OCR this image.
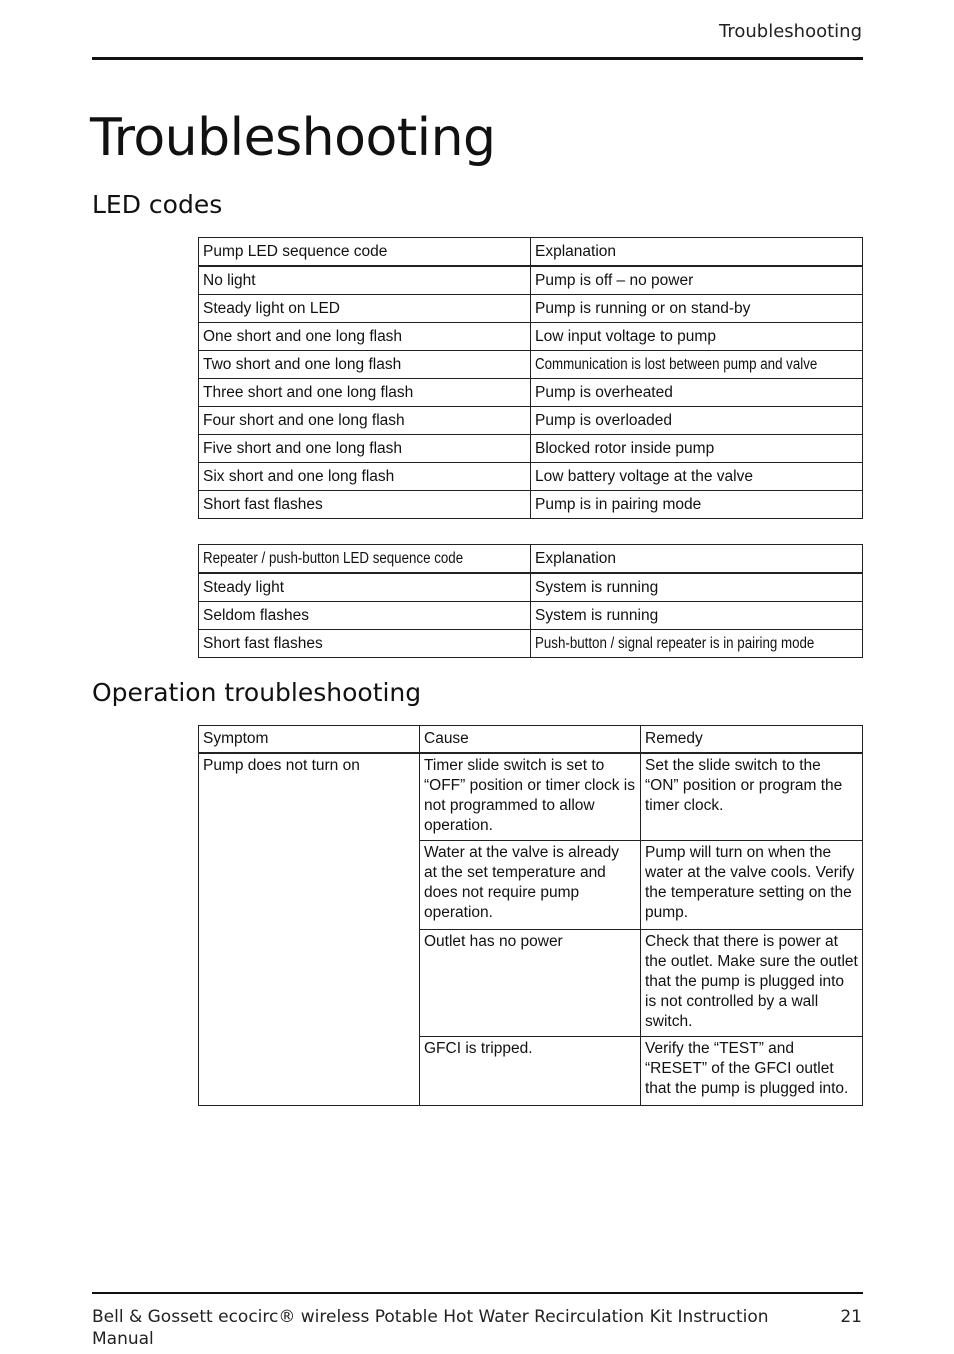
Troubleshooting
Troubleshooting
LED codes
Pump LED sequence code	Explanation
No light	Pump is off – no power
Steady light on LED	Pump is running or on stand-by
One short and one long flash	Low input voltage to pump
Two short and one long flash	Communication is lost between pump and valve
Three short and one long flash	Pump is overheated
Four short and one long flash	Pump is overloaded
Five short and one long flash	Blocked rotor inside pump
Six short and one long flash	Low battery voltage at the valve
Short fast flashes	Pump is in pairing mode
Repeater / push-button LED sequence code	Explanation
Steady light	System is running
Seldom flashes	System is running
Short fast flashes	Push-button / signal repeater is in pairing mode
Operation troubleshooting
Symptom	Cause	Remedy
Pump does not turn on	Timer slide switch is set to “OFF” position or timer clock is not programmed to allow operation.	Set the slide switch to the “ON” position or program the timer clock.
	Water at the valve is already at the set temperature and does not require pump operation.	Pump will turn on when the water at the valve cools. Verify the temperature setting on the pump.
	Outlet has no power	Check that there is power at the outlet. Make sure the outlet that the pump is plugged into is not controlled by a wall switch.
	GFCI is tripped.	Verify the “TEST” and “RESET” of the GFCI outlet that the pump is plugged into.
Bell & Gossett ecocirc® wireless Potable Hot Water Recirculation Kit Instruction Manual
21
